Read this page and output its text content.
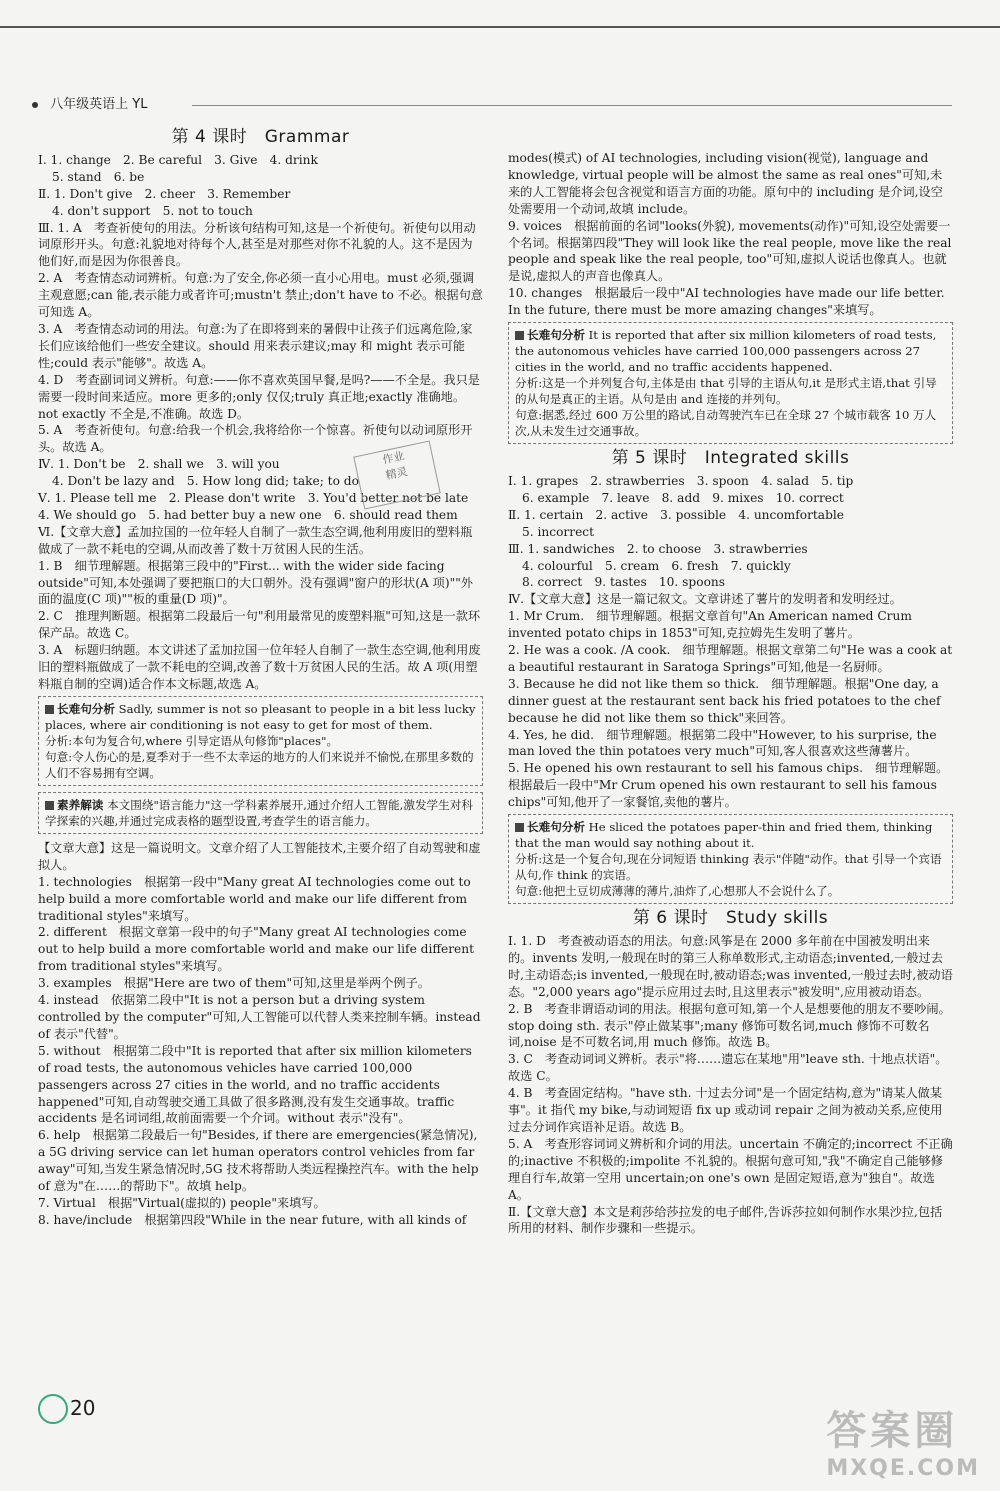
八年级英语上 YL
第 4 课时　Grammar

Ⅰ. 1. change　2. Be careful　3. Give　4. drink

5. stand　6. be

Ⅱ. 1. Don't give　2. cheer　3. Remember

4. don't support　5. not to touch

Ⅲ. 1. A　考查祈使句的用法。分析该句结构可知,这是一个祈使句。祈使句以用动词原形开头。句意:礼貌地对待每个人,甚至是对那些对你不礼貌的人。这不是因为他们好,而是因为你很善良。

2. A　考查情态动词辨析。句意:为了安全,你必须一直小心用电。must 必须,强调主观意愿;can 能,表示能力或者许可;mustn't 禁止;don't have to 不必。根据句意可知选 A。

3. A　考查情态动词的用法。句意:为了在即将到来的暑假中让孩子们远离危险,家长们应该给他们一些安全建议。should 用来表示建议;may 和 might 表示可能性;could 表示"能够"。故选 A。

4. D　考查副词词义辨析。句意:——你不喜欢英国早餐,是吗?——不全是。我只是需要一段时间来适应。more 更多的;only 仅仅;truly 真正地;exactly 准确地。not exactly 不全是,不准确。故选 D。

5. A　考查祈使句。句意:给我一个机会,我将给你一个惊喜。祈使句以动词原形开头。故选 A。

Ⅳ. 1. Don't be　2. shall we　3. will you

4. Don't be lazy and　5. How long did; take; to do

Ⅴ. 1. Please tell me　2. Please don't write　3. You'd better not be late　4. We should go　5. had better buy a new one　6. should read them

Ⅵ.【文章大意】孟加拉国的一位年轻人自制了一款生态空调,他利用废旧的塑料瓶做成了一款不耗电的空调,从而改善了数十万贫困人民的生活。

1. B　细节理解题。根据第三段中的"First... with the wider side facing outside"可知,本处强调了要把瓶口的大口朝外。没有强调"窗户的形状(A 项)""外面的温度(C 项)""板的重量(D 项)"。

2. C　推理判断题。根据第二段最后一句"利用最常见的废塑料瓶"可知,这是一款环保产品。故选 C。

3. A　标题归纳题。本文讲述了孟加拉国一位年轻人自制了一款生态空调,他利用废旧的塑料瓶做成了一款不耗电的空调,改善了数十万贫困人民的生活。故 A 项(用塑料瓶自制的空调)适合作本文标题,故选 A。

长难句分析 Sadly, summer is not so pleasant to people in a bit less lucky places, where air conditioning is not easy to get for most of them.

分析:本句为复合句,where 引导定语从句修饰"places"。

句意:令人伤心的是,夏季对于一些不太幸运的地方的人们来说并不愉悦,在那里多数的人们不容易拥有空调。

素养解读 本文围绕"语言能力"这一学科素养展开,通过介绍人工智能,激发学生对科学探索的兴趣,并通过完成表格的题型设置,考查学生的语言能力。

【文章大意】这是一篇说明文。文章介绍了人工智能技术,主要介绍了自动驾驶和虚拟人。

1. technologies　根据第一段中"Many great AI technologies come out to help build a more comfortable world and make our life different from traditional styles"来填写。

2. different　根据文章第一段中的句子"Many great AI technologies come out to help build a more comfortable world and make our life different from traditional styles"来填写。

3. examples　根据"Here are two of them"可知,这里是举两个例子。

4. instead　依据第二段中"It is not a person but a driving system controlled by the computer"可知,人工智能可以代替人类来控制车辆。instead of 表示"代替"。

5. without　根据第二段中"It is reported that after six million kilometers of road tests, the autonomous vehicles have carried 100,000 passengers across 27 cities in the world, and no traffic accidents happened"可知,自动驾驶交通工具做了很多路测,没有发生交通事故。traffic accidents 是名词词组,故前面需要一个介词。without 表示"没有"。

6. help　根据第二段最后一句"Besides, if there are emergencies(紧急情况), a 5G driving service can let human operators control vehicles from far away"可知,当发生紧急情况时,5G 技术将帮助人类远程操控汽车。with the help of 意为"在……的帮助下"。故填 help。

7. Virtual　根据"Virtual(虚拟的) people"来填写。

8. have/include　根据第四段"While in the near future, with all kinds of

modes(模式) of AI technologies, including vision(视觉), language and knowledge, virtual people will be almost the same as real ones"可知,未来的人工智能将会包含视觉和语言方面的功能。原句中的 including 是介词,设空处需要用一个动词,故填 include。

9. voices　根据前面的名词"looks(外貌), movements(动作)"可知,设空处需要一个名词。根据第四段"They will look like the real people, move like the real people and speak like the real people, too"可知,虚拟人说话也像真人。也就是说,虚拟人的声音也像真人。

10. changes　根据最后一段中"AI technologies have made our life better. In the future, there must be more amazing changes"来填写。

长难句分析 It is reported that after six million kilometers of road tests, the autonomous vehicles have carried 100,000 passengers across 27 cities in the world, and no traffic accidents happened.

分析:这是一个并列复合句,主体是由 that 引导的主语从句,it 是形式主语,that 引导的从句是真正的主语。从句是由 and 连接的并列句。

句意:据悉,经过 600 万公里的路试,自动驾驶汽车已在全球 27 个城市载客 10 万人次,从未发生过交通事故。

第 5 课时　Integrated skills

Ⅰ. 1. grapes　2. strawberries　3. spoon　4. salad　5. tip

6. example　7. leave　8. add　9. mixes　10. correct

Ⅱ. 1. certain　2. active　3. possible　4. uncomfortable

5. incorrect

Ⅲ. 1. sandwiches　2. to choose　3. strawberries

4. colourful　5. cream　6. fresh　7. quickly

8. correct　9. tastes　10. spoons

Ⅳ.【文章大意】这是一篇记叙文。文章讲述了薯片的发明者和发明经过。

1. Mr Crum.　细节理解题。根据文章首句"An American named Crum invented potato chips in 1853"可知,克拉姆先生发明了薯片。

2. He was a cook. /A cook.　细节理解题。根据文章第二句"He was a cook at a beautiful restaurant in Saratoga Springs"可知,他是一名厨师。

3. Because he did not like them so thick.　细节理解题。根据"One day, a dinner guest at the restaurant sent back his fried potatoes to the chef because he did not like them so thick"来回答。

4. Yes, he did.　细节理解题。根据第二段中"However, to his surprise, the man loved the thin potatoes very much"可知,客人很喜欢这些薄薯片。

5. He opened his own restaurant to sell his famous chips.　细节理解题。根据最后一段中"Mr Crum opened his own restaurant to sell his famous chips"可知,他开了一家餐馆,卖他的薯片。

长难句分析 He sliced the potatoes paper-thin and fried them, thinking that the man would say nothing about it.

分析:这是一个复合句,现在分词短语 thinking 表示"伴随"动作。that 引导一个宾语从句,作 think 的宾语。

句意:他把土豆切成薄薄的薄片,油炸了,心想那人不会说什么了。

第 6 课时　Study skills

Ⅰ. 1. D　考查被动语态的用法。句意:风筝是在 2000 多年前在中国被发明出来的。invents 发明,一般现在时的第三人称单数形式,主动语态;invented,一般过去时,主动语态;is invented,一般现在时,被动语态;was invented,一般过去时,被动语态。"2,000 years ago"提示应用过去时,且这里表示"被发明",应用被动语态。

2. B　考查非谓语动词的用法。根据句意可知,第一个人是想要他的朋友不要吵闹。stop doing sth. 表示"停止做某事";many 修饰可数名词,much 修饰不可数名词,noise 是不可数名词,用 much 修饰。故选 B。

3. C　考查动词词义辨析。表示"将……遗忘在某地"用"leave sth. 十地点状语"。故选 C。

4. B　考查固定结构。"have sth. 十过去分词"是一个固定结构,意为"请某人做某事"。it 指代 my bike,与动词短语 fix up 或动词 repair 之间为被动关系,应使用过去分词作宾语补足语。故选 B。

5. A　考查形容词词义辨析和介词的用法。uncertain 不确定的;incorrect 不正确的;inactive 不积极的;impolite 不礼貌的。根据句意可知,"我"不确定自己能够修理自行车,故第一空用 uncertain;on one's own 是固定短语,意为"独自"。故选 A。

Ⅱ.【文章大意】本文是莉莎给莎拉发的电子邮件,告诉莎拉如何制作水果沙拉,包括所用的材料、制作步骤和一些提示。

作业
精灵
20	答案圈
MXQE.COM
